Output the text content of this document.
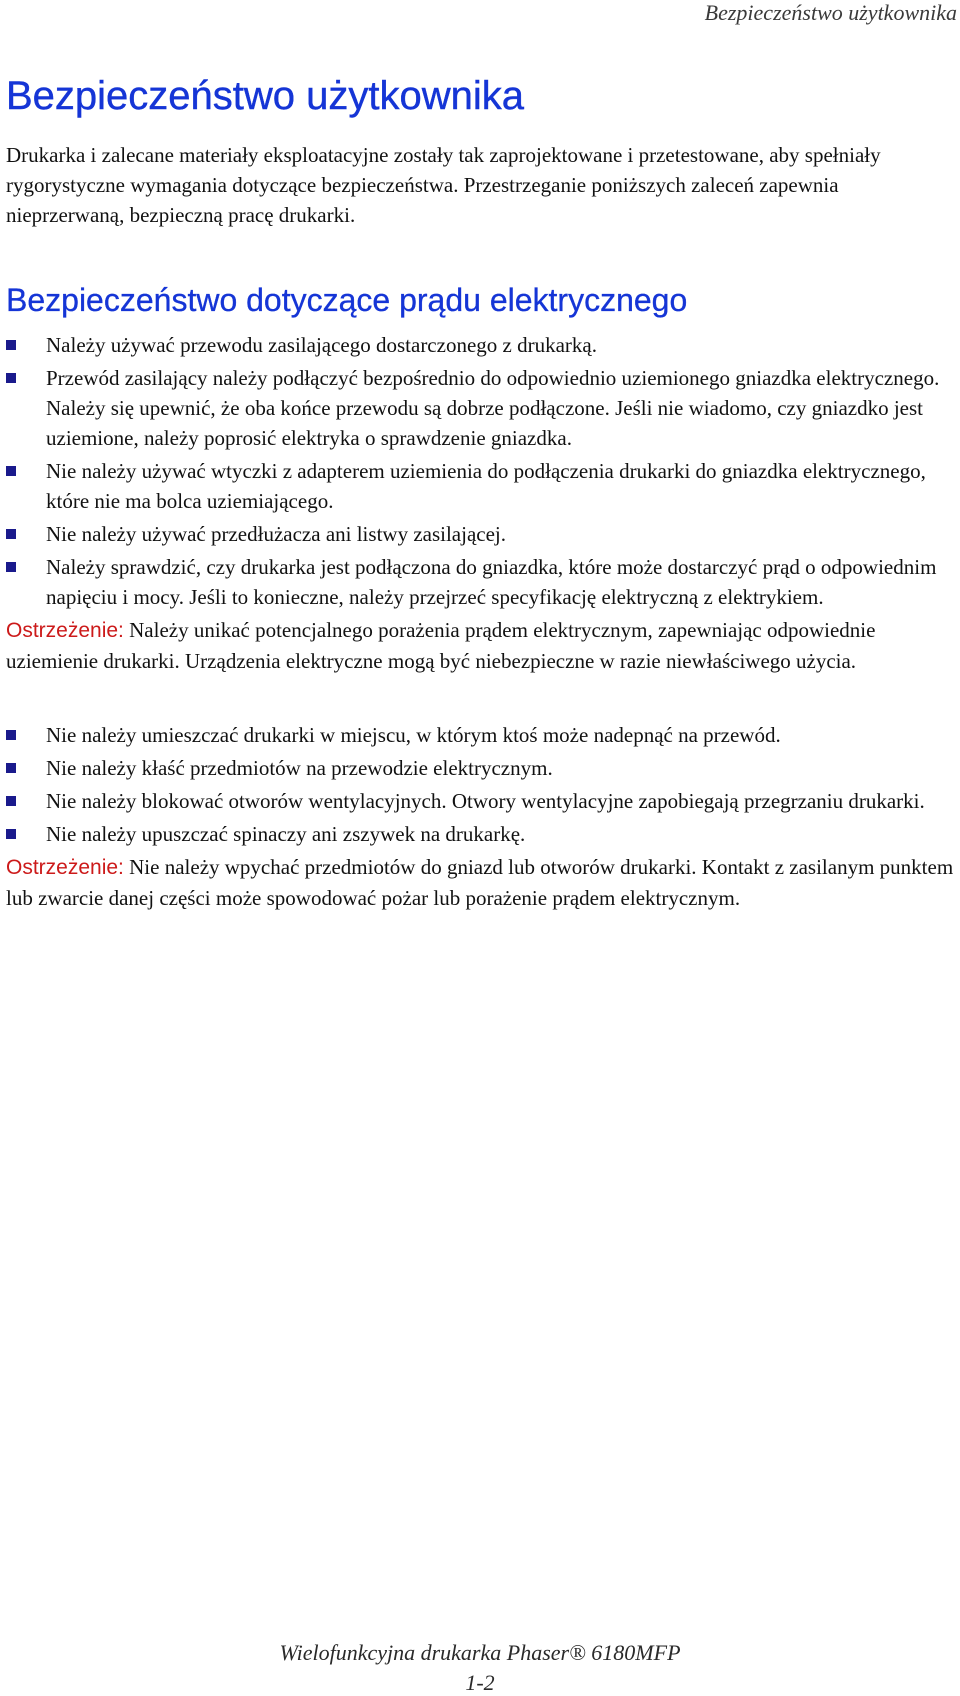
Bezpieczeństwo użytkownika
Bezpieczeństwo użytkownika

Drukarka i zalecane materiały eksploatacyjne zostały tak zaprojektowane i przetestowane, aby spełniały rygorystyczne wymagania dotyczące bezpieczeństwa. Przestrzeganie poniższych zaleceń zapewnia nieprzerwaną, bezpieczną pracę drukarki.

Bezpieczeństwo dotyczące prądu elektrycznego
Należy używać przewodu zasilającego dostarczonego z drukarką.
Przewód zasilający należy podłączyć bezpośrednio do odpowiednio uziemionego gniazdka elektrycznego. Należy się upewnić, że oba końce przewodu są dobrze podłączone. Jeśli nie wiadomo, czy gniazdko jest uziemione, należy poprosić elektryka o sprawdzenie gniazdka.
Nie należy używać wtyczki z adapterem uziemienia do podłączenia drukarki do gniazdka elektrycznego, które nie ma bolca uziemiającego.
Nie należy używać przedłużacza ani listwy zasilającej.
Należy sprawdzić, czy drukarka jest podłączona do gniazdka, które może dostarczyć prąd o odpowiednim napięciu i mocy. Jeśli to konieczne, należy przejrzeć specyfikację elektryczną z elektrykiem.

Ostrzeżenie: Należy unikać potencjalnego porażenia prądem elektrycznym, zapewniając odpowiednie uziemienie drukarki. Urządzenia elektryczne mogą być niebezpieczne w razie niewłaściwego użycia.

Nie należy umieszczać drukarki w miejscu, w którym ktoś może nadepnąć na przewód.
Nie należy kłaść przedmiotów na przewodzie elektrycznym.
Nie należy blokować otworów wentylacyjnych. Otwory wentylacyjne zapobiegają przegrzaniu drukarki.
Nie należy upuszczać spinaczy ani zszywek na drukarkę.

Ostrzeżenie: Nie należy wpychać przedmiotów do gniazd lub otworów drukarki. Kontakt z zasilanym punktem lub zwarcie danej części może spowodować pożar lub porażenie prądem elektrycznym.

Wielofunkcyjna drukarka Phaser® 6180MFP
1-2
